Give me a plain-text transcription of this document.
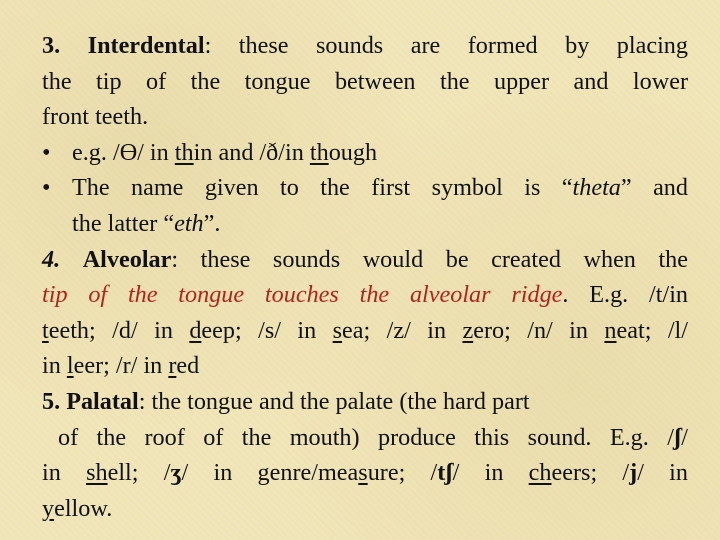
3. Interdental: these sounds are formed by placing
the tip of the tongue between the upper and lower
front teeth.
• e.g. /Ө/ in thin and /ð/in though
• The name given to the first symbol is “theta” and
the latter “eth”.
4. Alveolar: these sounds would be created when the
tip of the tongue touches the alveolar ridge. E.g. /t/in
teeth; /d/ in deep; /s/ in sea; /z/ in zero; /n/ in neat; /l/
in leer; /r/ in red
5. Palatal: the tongue and the palate (the hard part
of the roof of the mouth) produce this sound. E.g. /ʃ/
in shell; /ʒ/ in genre/measure; /tʃ/ in cheers; /j/ in
yellow.
